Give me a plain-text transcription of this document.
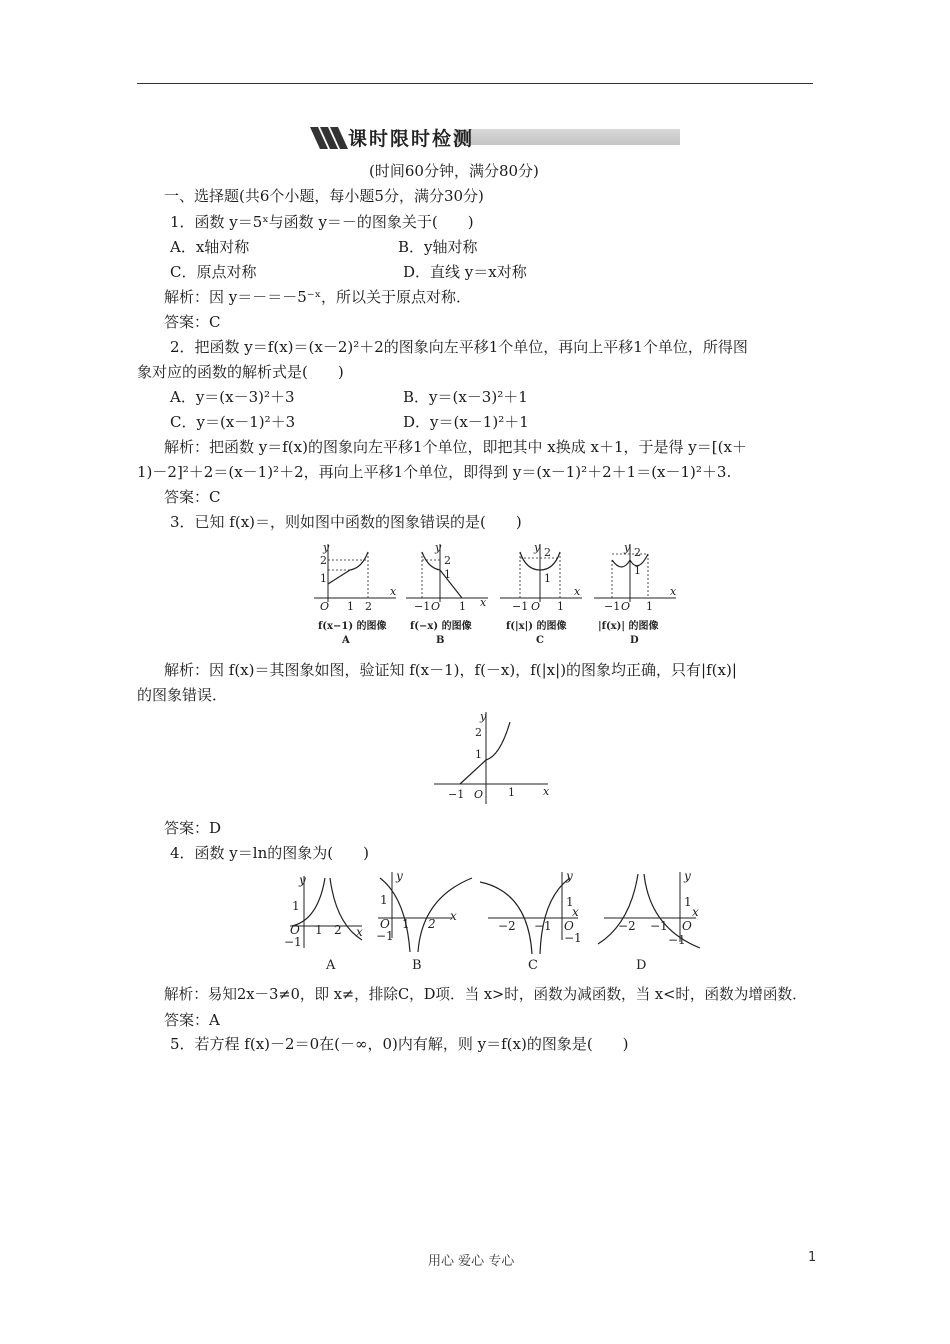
课时限时检测
(时间60分钟，满分80分)
一、选择题(共6个小题，每小题5分，满分30分)
1．函数 y＝5ˣ与函数 y＝－的图象关于(　　)
A．x轴对称	B．y轴对称
C．原点对称	D．直线 y＝x对称
解析：因 y＝－＝－5⁻ˣ，所以关于原点对称．
答案：C
2．把函数 y＝f(x)＝(x－2)²＋2的图象向左平移1个单位，再向上平移1个单位，所得图
象对应的函数的解析式是(　　)
A．y＝(x－3)²＋3	B．y＝(x－3)²＋1
C．y＝(x－1)²＋3	D．y＝(x－1)²＋1
解析：把函数 y＝f(x)的图象向左平移1个单位，即把其中 x换成 x＋1，于是得 y＝[(x＋
1)－2]²＋2＝(x－1)²＋2，再向上平移1个单位，即得到 y＝(x－1)²＋2＋1＝(x－1)²＋3.
答案：C
3．已知 f(x)＝，则如图中函数的图象错误的是(　　)
y
x
2
1
O 1 2
f(x−1) 的图像
A
y
x
2
1
−1 O 1
f(−x) 的图像
B
y
x
2
1
−1 O 1
f(|x|) 的图像
C
y
x
2
1
−1 O 1
|f(x)| 的图像
D
解析：因 f(x)＝其图象如图，验证知 f(x－1)，f(－x)，f(|x|)的图象均正确，只有|f(x)|
的图象错误．
y
x
2
1
−1 O 1
答案：D
4．函数 y＝ln的图象为(　　)
y
x
1
O 1 2
−1
A
y
x
1
O 1 2
−1
B
y
x
1
O
−2 −1
−1
C
y
x
1
O
−2 −1
−1
D
解析：易知2x－3≠0，即 x≠，排除C，D项．当 x>时，函数为减函数，当 x<时，函数为增函数．
答案：A
5．若方程 f(x)－2＝0在(－∞，0)内有解，则 y＝f(x)的图象是(　　)
用心 爱心 专心	1
